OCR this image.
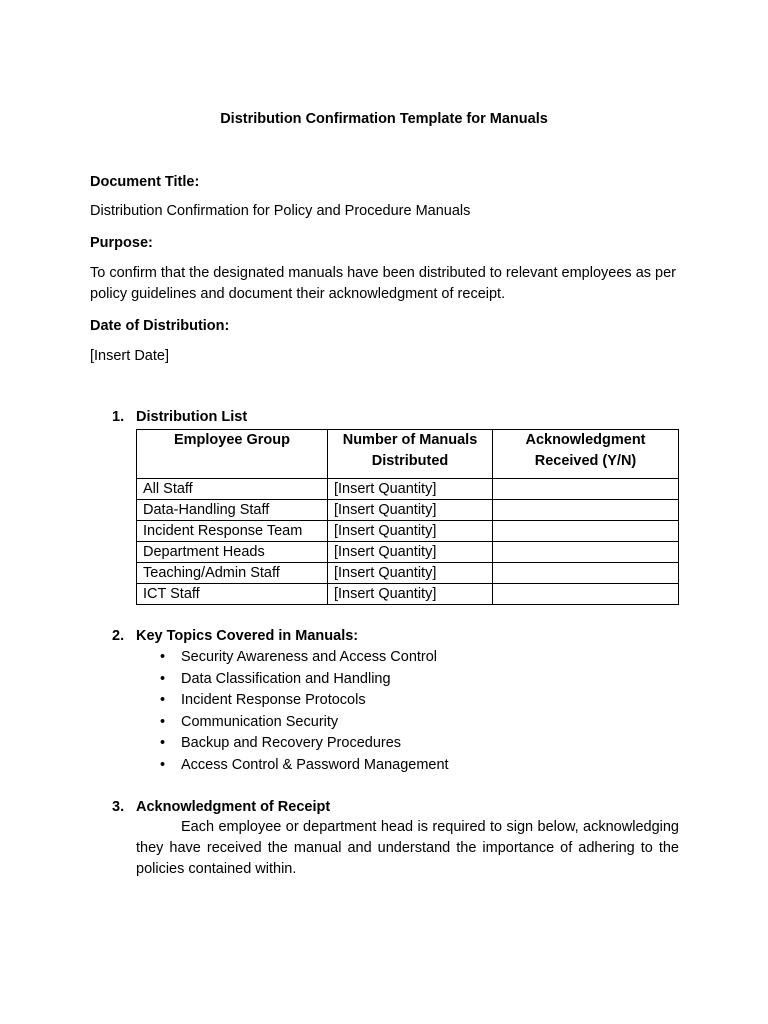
Distribution Confirmation Template for Manuals
Document Title:
Distribution Confirmation for Policy and Procedure Manuals
Purpose:
To confirm that the designated manuals have been distributed to relevant employees as per policy guidelines and document their acknowledgment of receipt.
Date of Distribution:
[Insert Date]
1. Distribution List
Employee Group	Number of Manuals Distributed	Acknowledgment Received (Y/N)
All Staff	[Insert Quantity]	
Data-Handling Staff	[Insert Quantity]	
Incident Response Team	[Insert Quantity]	
Department Heads	[Insert Quantity]	
Teaching/Admin Staff	[Insert Quantity]	
ICT Staff	[Insert Quantity]	
2. Key Topics Covered in Manuals:
• Security Awareness and Access Control
• Data Classification and Handling
• Incident Response Protocols
• Communication Security
• Backup and Recovery Procedures
• Access Control & Password Management
3. Acknowledgment of Receipt
Each employee or department head is required to sign below, acknowledging they have received the manual and understand the importance of adhering to the policies contained within.
